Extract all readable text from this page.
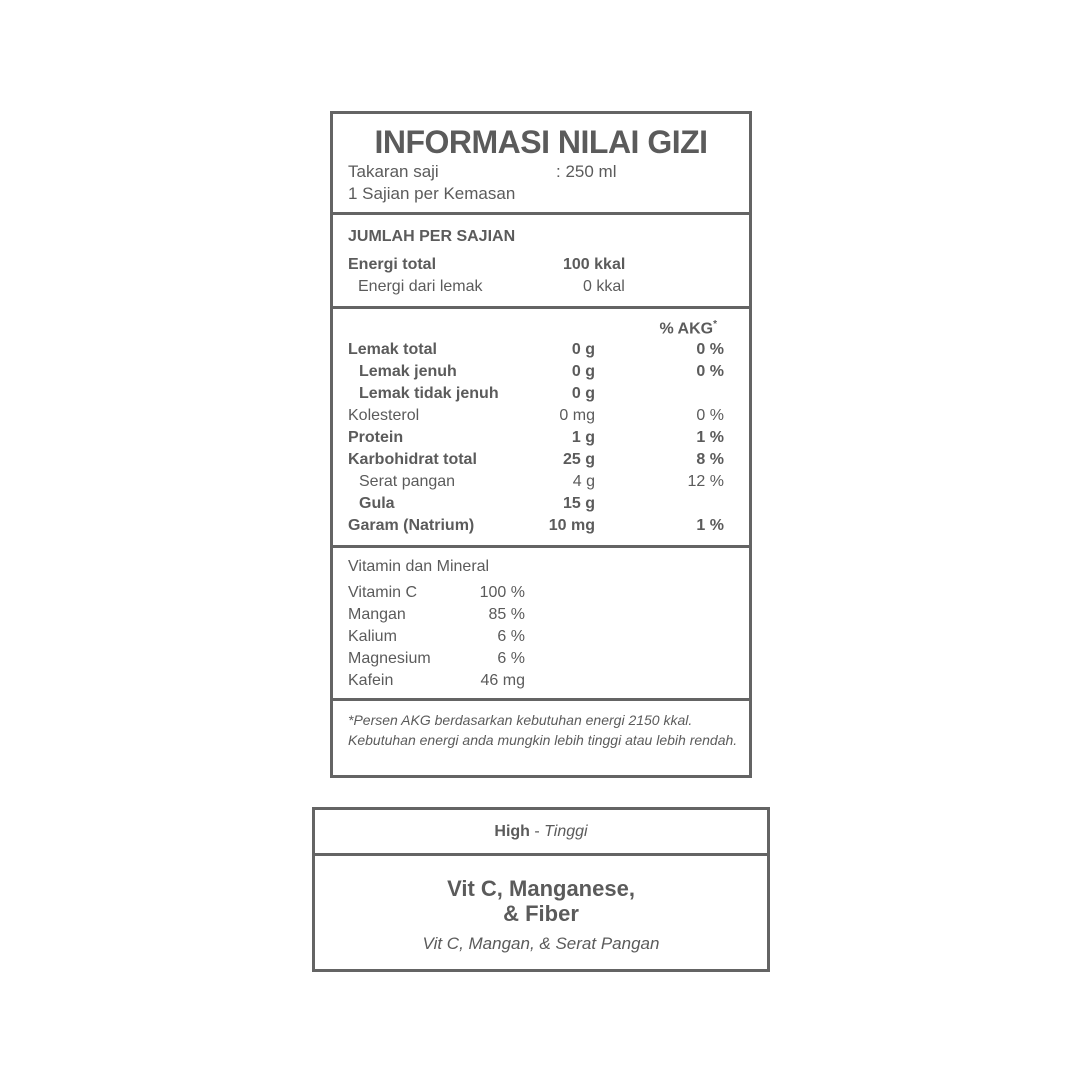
INFORMASI NILAI GIZI
Takaran saji	: 250 ml
1 Sajian per Kemasan
JUMLAH PER SAJIAN
Energi total	100 kkal
Energi dari lemak	0 kkal
% AKG*
Lemak total	0 g	0 %
Lemak jenuh	0 g	0 %
Lemak tidak jenuh	0 g
Kolesterol	0 mg	0 %
Protein	1 g	1 %
Karbohidrat total	25 g	8 %
Serat pangan	4 g	12 %
Gula	15 g
Garam (Natrium)	10 mg	1 %
Vitamin dan Mineral
Vitamin C	100 %
Mangan	85 %
Kalium	6 %
Magnesium	6 %
Kafein	46 mg
*Persen AKG berdasarkan kebutuhan energi 2150 kkal. Kebutuhan energi anda mungkin lebih tinggi atau lebih rendah.
High - Tinggi
Vit C, Manganese,
& Fiber
Vit C, Mangan, & Serat Pangan
